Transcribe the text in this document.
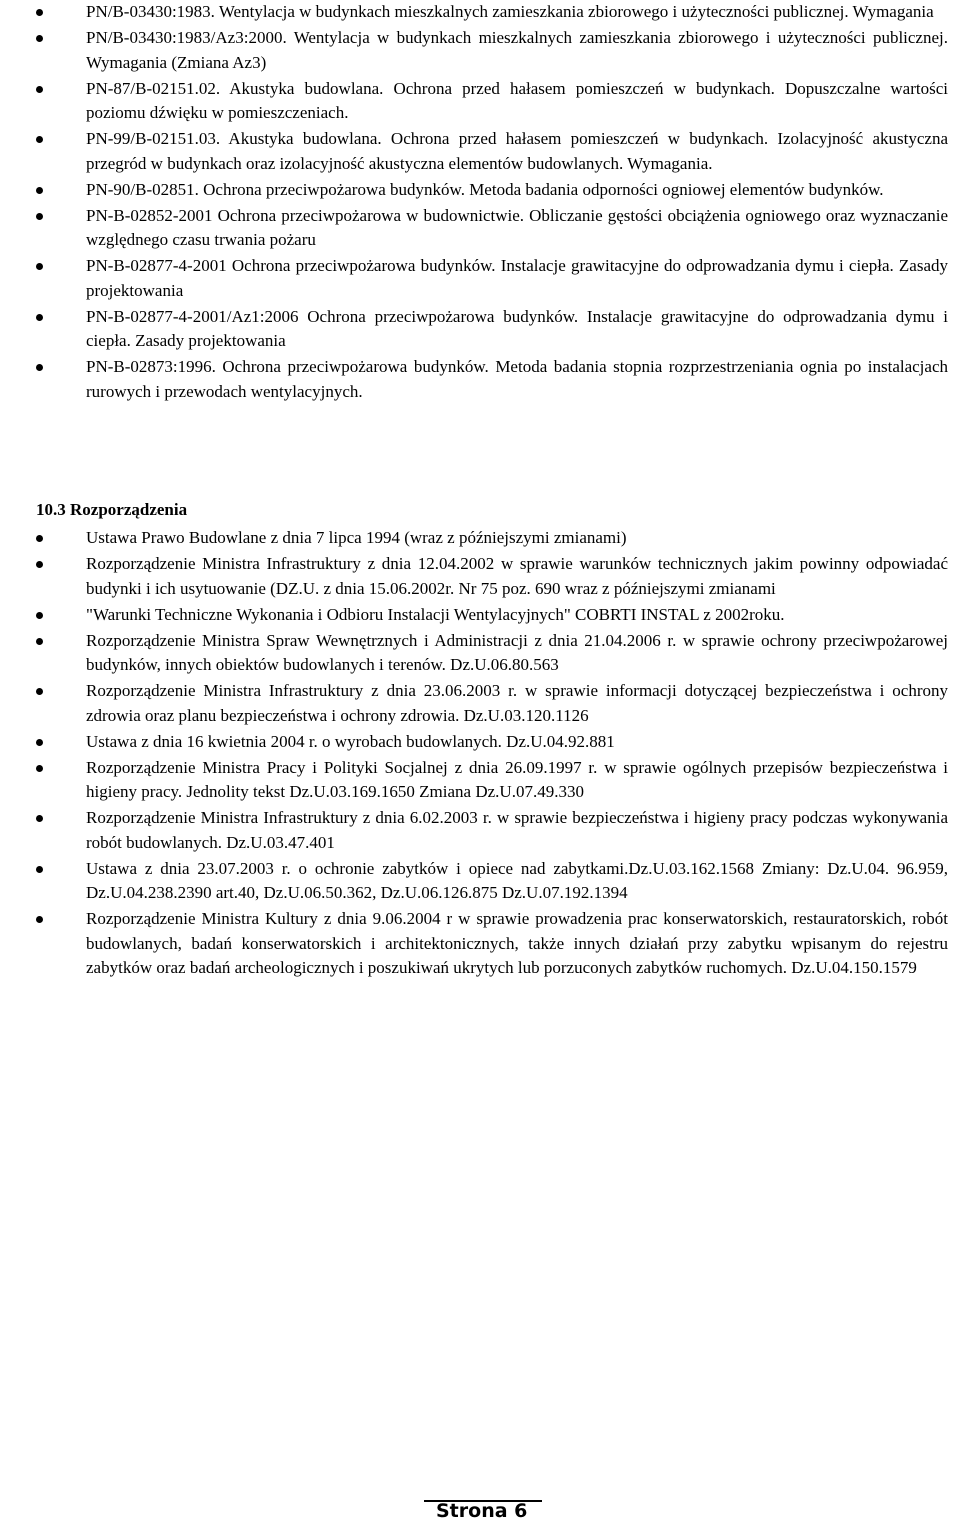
PN/B-03430:1983. Wentylacja w budynkach mieszkalnych zamieszkania zbiorowego i użyteczności publicznej. Wymagania
PN/B-03430:1983/Az3:2000. Wentylacja w budynkach mieszkalnych zamieszkania zbiorowego i użyteczności publicznej. Wymagania (Zmiana Az3)
PN-87/B-02151.02. Akustyka budowlana. Ochrona przed hałasem pomieszczeń w budynkach. Dopuszczalne wartości poziomu dźwięku w pomieszczeniach.
PN-99/B-02151.03. Akustyka budowlana. Ochrona przed hałasem pomieszczeń w budynkach. Izolacyjność akustyczna przegród w budynkach oraz izolacyjność akustyczna elementów budowlanych. Wymagania.
PN-90/B-02851. Ochrona przeciwpożarowa budynków. Metoda badania odporności ogniowej elementów budynków.
PN-B-02852-2001 Ochrona przeciwpożarowa w budownictwie. Obliczanie gęstości obciążenia ogniowego oraz wyznaczanie względnego czasu trwania pożaru
PN-B-02877-4-2001 Ochrona przeciwpożarowa budynków. Instalacje grawitacyjne do odprowadzania dymu i ciepła. Zasady projektowania
PN-B-02877-4-2001/Az1:2006 Ochrona przeciwpożarowa budynków. Instalacje grawitacyjne do odprowadzania dymu i ciepła. Zasady projektowania
PN-B-02873:1996. Ochrona przeciwpożarowa budynków. Metoda badania stopnia rozprzestrzeniania ognia po instalacjach rurowych i przewodach wentylacyjnych.
10.3 Rozporządzenia
Ustawa Prawo Budowlane z dnia 7 lipca 1994 (wraz z późniejszymi zmianami)
Rozporządzenie Ministra Infrastruktury z dnia 12.04.2002 w sprawie warunków technicznych jakim powinny odpowiadać budynki i ich usytuowanie (DZ.U. z dnia 15.06.2002r. Nr 75 poz. 690 wraz z późniejszymi zmianami
"Warunki Techniczne Wykonania i Odbioru Instalacji Wentylacyjnych" COBRTI INSTAL z 2002roku.
Rozporządzenie Ministra Spraw Wewnętrznych i Administracji z dnia 21.04.2006 r. w sprawie ochrony przeciwpożarowej budynków, innych obiektów budowlanych i terenów. Dz.U.06.80.563
Rozporządzenie Ministra Infrastruktury z dnia 23.06.2003 r. w sprawie informacji dotyczącej bezpieczeństwa i ochrony zdrowia oraz planu bezpieczeństwa i ochrony zdrowia. Dz.U.03.120.1126
Ustawa z dnia 16 kwietnia 2004 r. o wyrobach budowlanych. Dz.U.04.92.881
Rozporządzenie Ministra Pracy i Polityki Socjalnej z dnia 26.09.1997 r. w sprawie ogólnych przepisów bezpieczeństwa i higieny pracy. Jednolity tekst Dz.U.03.169.1650 Zmiana Dz.U.07.49.330
Rozporządzenie Ministra Infrastruktury z dnia 6.02.2003 r. w sprawie bezpieczeństwa i higieny pracy podczas wykonywania robót budowlanych. Dz.U.03.47.401
Ustawa z dnia 23.07.2003 r. o ochronie zabytków i opiece nad zabytkami.Dz.U.03.162.1568 Zmiany: Dz.U.04. 96.959, Dz.U.04.238.2390 art.40, Dz.U.06.50.362, Dz.U.06.126.875 Dz.U.07.192.1394
Rozporządzenie Ministra Kultury z dnia 9.06.2004 r w sprawie prowadzenia prac konserwatorskich, restauratorskich, robót budowlanych, badań konserwatorskich i architektonicznych, także innych działań przy zabytku wpisanym do rejestru zabytków oraz badań archeologicznych i poszukiwań ukrytych lub porzuconych zabytków ruchomych. Dz.U.04.150.1579
Strona 6
